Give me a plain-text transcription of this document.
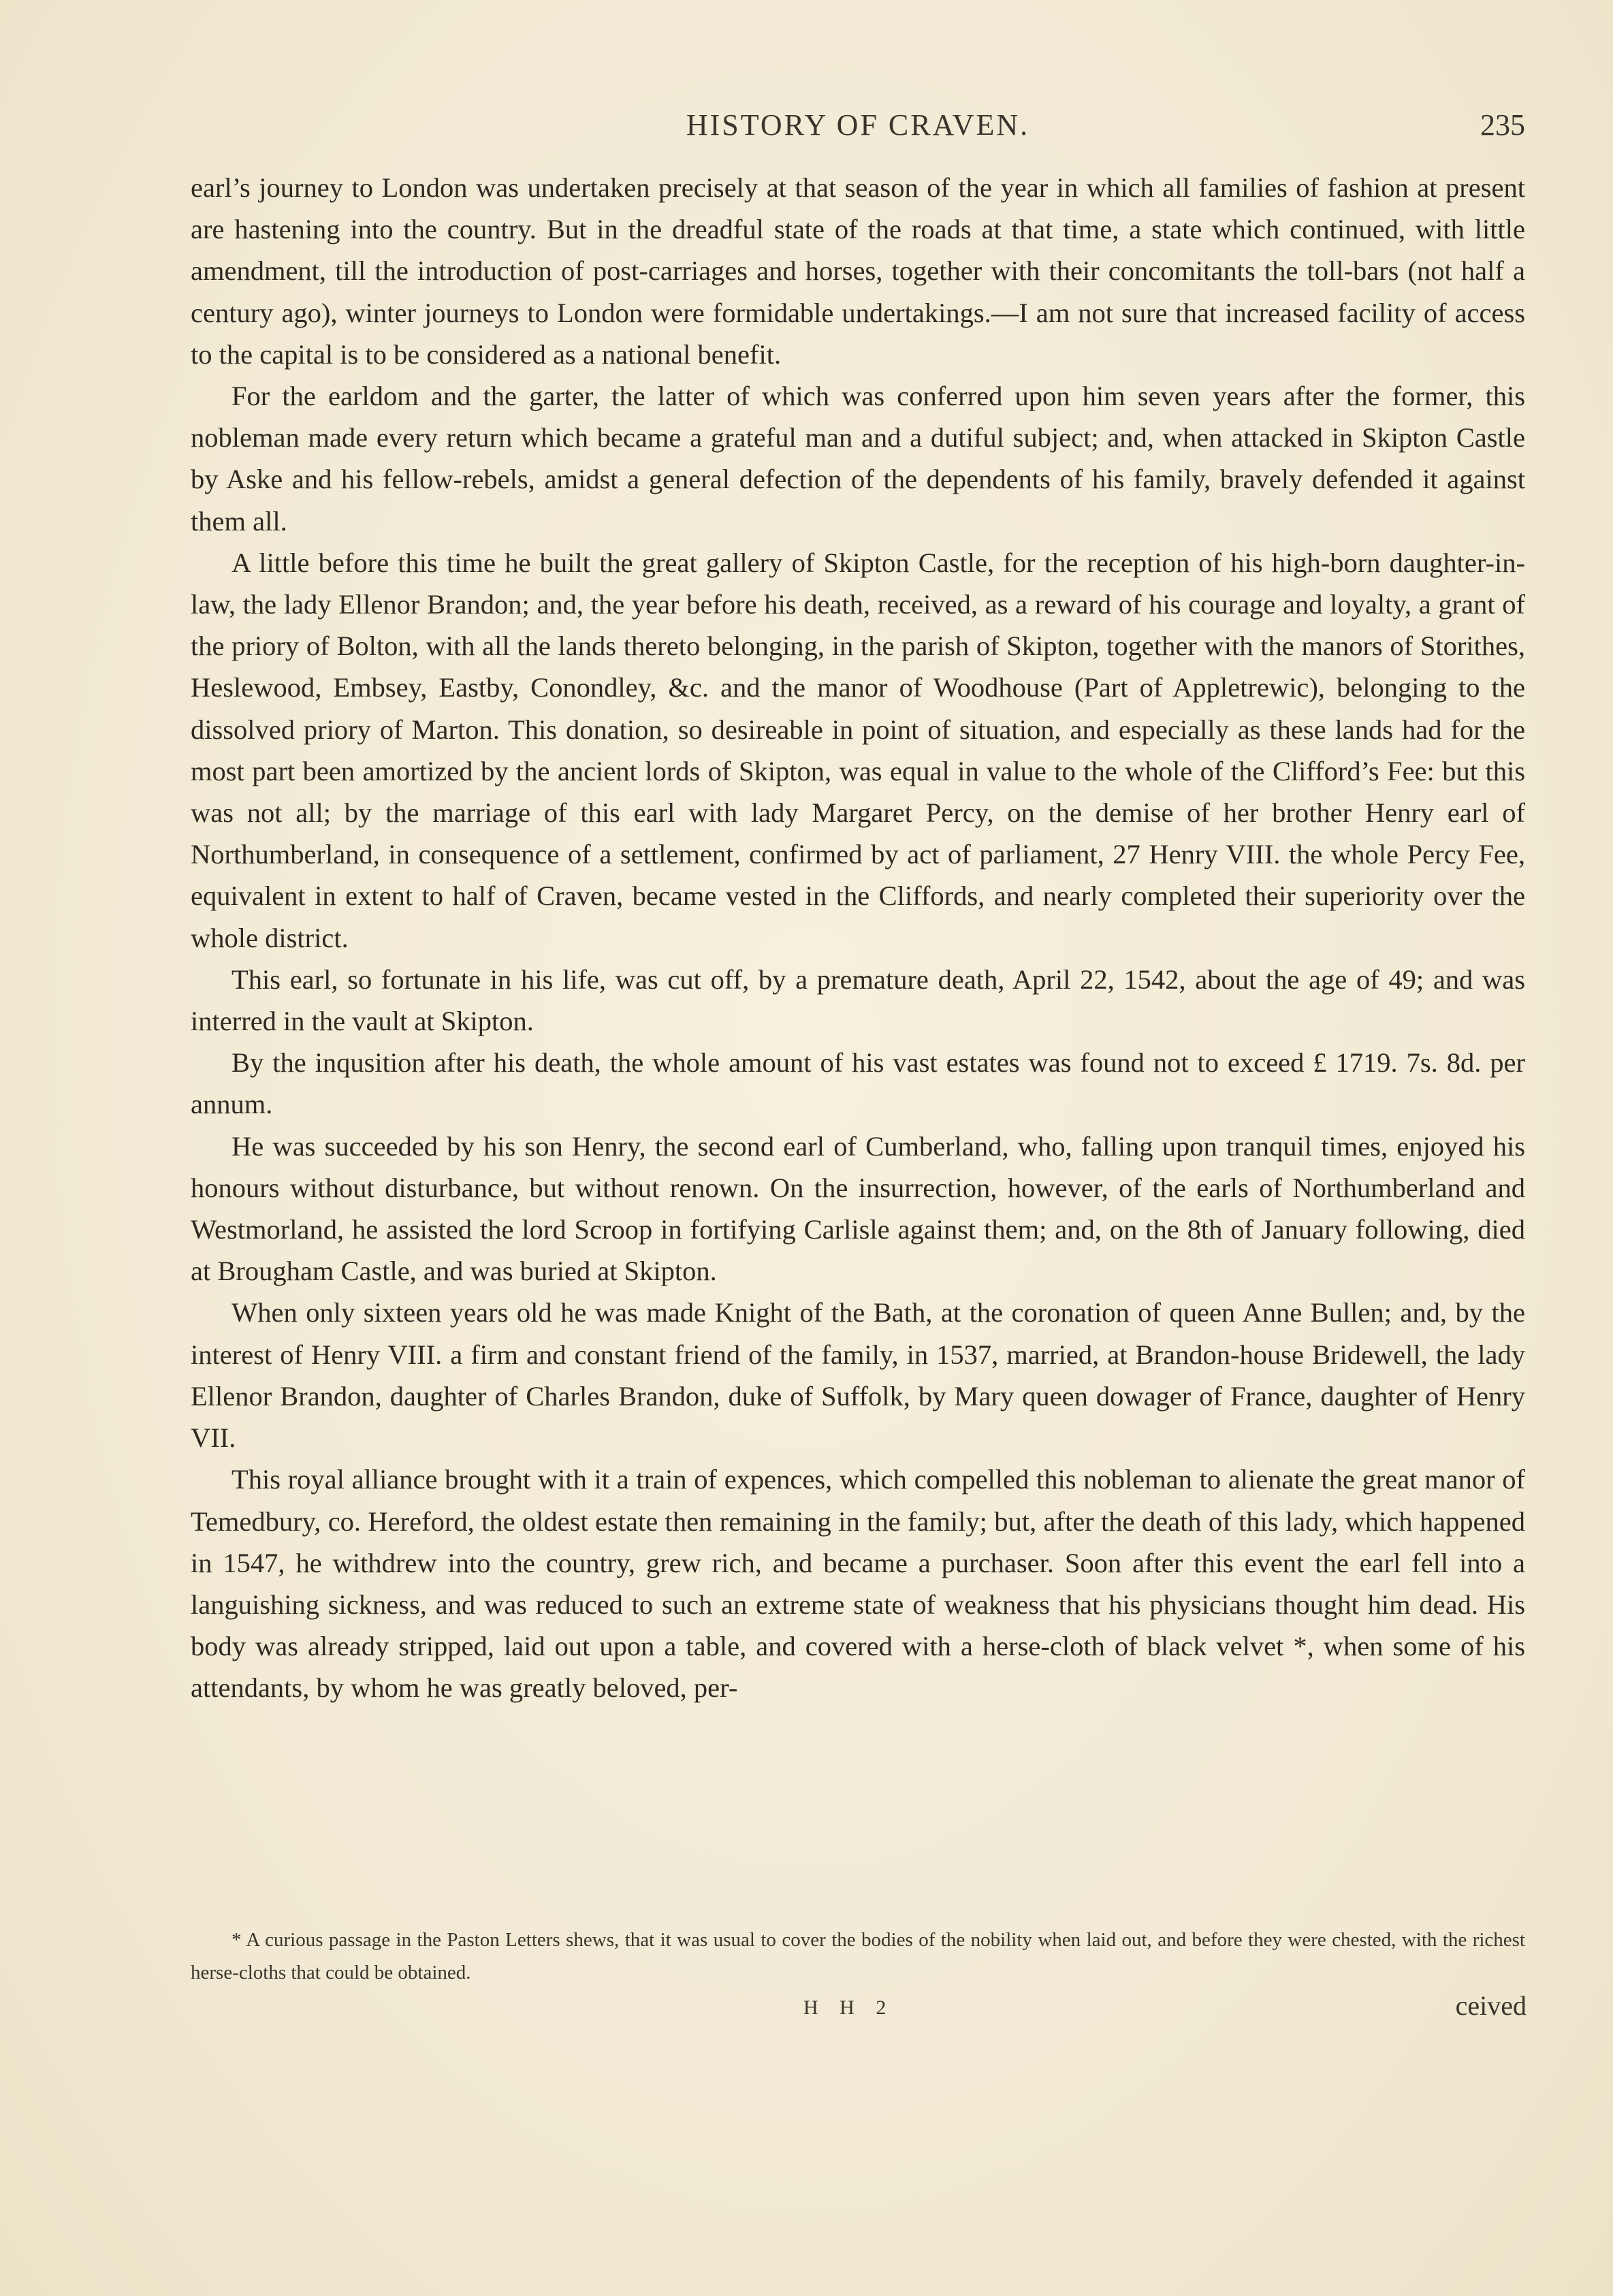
HISTORY OF CRAVEN.	235

earl’s journey to London was undertaken precisely at that season of the year in which all families of fashion at present are hastening into the country. But in the dreadful state of the roads at that time, a state which continued, with little amendment, till the introduction of post-carriages and horses, together with their concomitants the toll-bars (not half a century ago), winter journeys to London were formidable undertakings.—I am not sure that increased facility of access to the capital is to be considered as a national benefit.

For the earldom and the garter, the latter of which was conferred upon him seven years after the former, this nobleman made every return which became a grateful man and a dutiful subject; and, when attacked in Skipton Castle by Aske and his fellow-rebels, amidst a general defection of the dependents of his family, bravely defended it against them all.

A little before this time he built the great gallery of Skipton Castle, for the reception of his high-born daughter-in-law, the lady Ellenor Brandon; and, the year before his death, received, as a reward of his courage and loyalty, a grant of the priory of Bolton, with all the lands thereto belonging, in the parish of Skipton, together with the manors of Storithes, Heslewood, Embsey, Eastby, Conondley, &c. and the manor of Woodhouse (Part of Appletrewic), belonging to the dissolved priory of Marton. This donation, so desireable in point of situation, and especially as these lands had for the most part been amortized by the ancient lords of Skipton, was equal in value to the whole of the Clifford’s Fee: but this was not all; by the marriage of this earl with lady Margaret Percy, on the demise of her brother Henry earl of Northumberland, in consequence of a settlement, confirmed by act of parliament, 27 Henry VIII. the whole Percy Fee, equivalent in extent to half of Craven, became vested in the Cliffords, and nearly completed their superiority over the whole district.

This earl, so fortunate in his life, was cut off, by a premature death, April 22, 1542, about the age of 49; and was interred in the vault at Skipton.

By the inqusition after his death, the whole amount of his vast estates was found not to exceed £ 1719. 7s. 8d. per annum.

He was succeeded by his son Henry, the second earl of Cumberland, who, falling upon tranquil times, enjoyed his honours without disturbance, but without renown. On the insurrection, however, of the earls of Northumberland and Westmorland, he assisted the lord Scroop in fortifying Carlisle against them; and, on the 8th of January following, died at Brougham Castle, and was buried at Skipton.

When only sixteen years old he was made Knight of the Bath, at the coronation of queen Anne Bullen; and, by the interest of Henry VIII. a firm and constant friend of the family, in 1537, married, at Brandon-house Bridewell, the lady Ellenor Brandon, daughter of Charles Brandon, duke of Suffolk, by Mary queen dowager of France, daughter of Henry VII.

This royal alliance brought with it a train of expences, which compelled this nobleman to alienate the great manor of Temedbury, co. Hereford, the oldest estate then remaining in the family; but, after the death of this lady, which happened in 1547, he withdrew into the country, grew rich, and became a purchaser. Soon after this event the earl fell into a languishing sickness, and was reduced to such an extreme state of weakness that his physicians thought him dead. His body was already stripped, laid out upon a table, and covered with a herse-cloth of black velvet *, when some of his attendants, by whom he was greatly beloved, per-

* A curious passage in the Paston Letters shews, that it was usual to cover the bodies of the nobility when laid out, and before they were chested, with the richest herse-cloths that could be obtained.

H H 2	ceived
